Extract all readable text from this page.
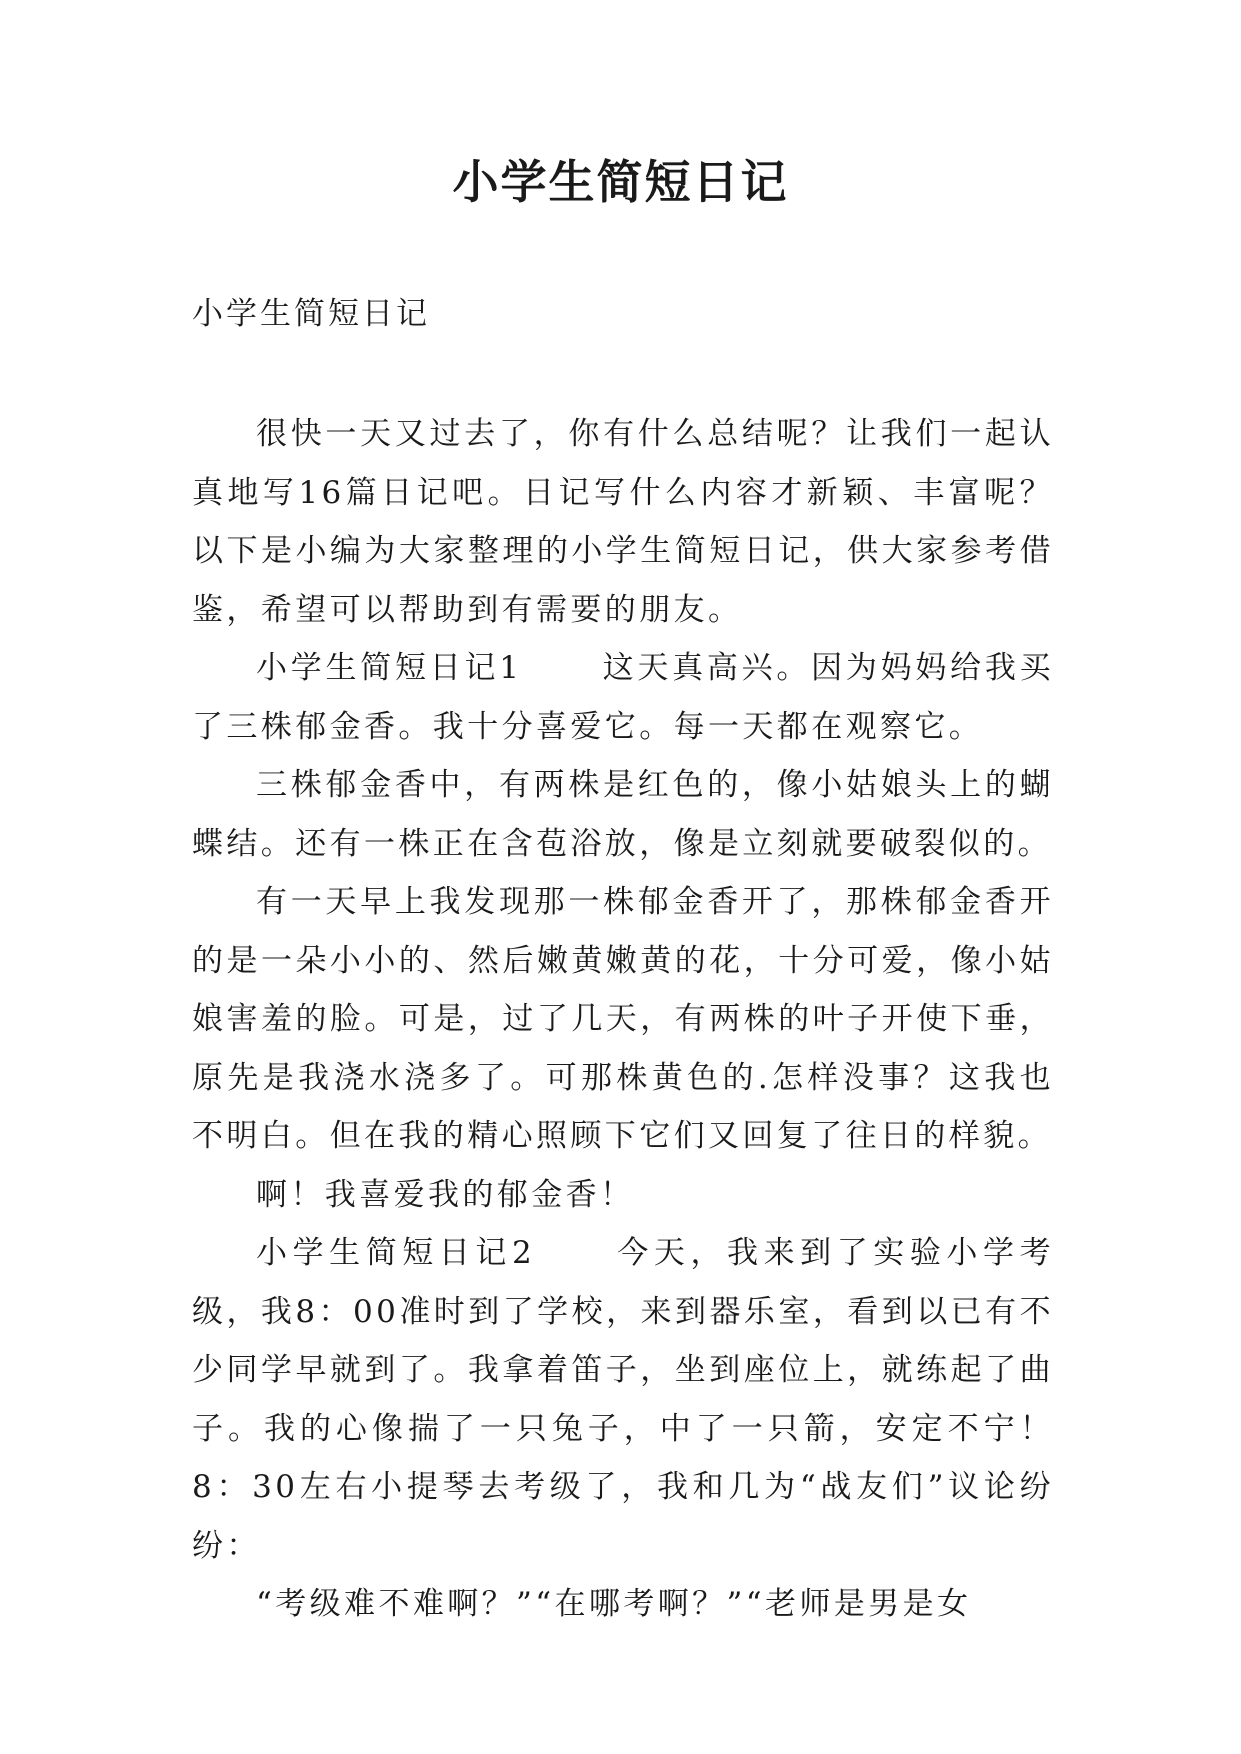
小学生简短日记
小学生简短日记

很快一天又过去了，你有什么总结呢？让我们一起认真地写16篇日记吧。日记写什么内容才新颖、丰富呢？以下是小编为大家整理的小学生简短日记，供大家参考借鉴，希望可以帮助到有需要的朋友。

小学生简短日记1	这天真高兴。因为妈妈给我买了三株郁金香。我十分喜爱它。每一天都在观察它。

三株郁金香中，有两株是红色的，像小姑娘头上的蝴蝶结。还有一株正在含苞浴放，像是立刻就要破裂似的。

有一天早上我发现那一株郁金香开了，那株郁金香开的是一朵小小的、然后嫩黄嫩黄的花，十分可爱，像小姑娘害羞的脸。可是，过了几天，有两株的叶子开使下垂，原先是我浇水浇多了。可那株黄色的.怎样没事？这我也不明白。但在我的精心照顾下它们又回复了往日的样貌。

啊！我喜爱我的郁金香！

小学生简短日记2	今天，我来到了实验小学考级，我8：00准时到了学校，来到器乐室，看到以已有不少同学早就到了。我拿着笛子，坐到座位上，就练起了曲子。我的心像揣了一只兔子，中了一只箭，安定不宁！8：30左右小提琴去考级了，我和几为“战友们”议论纷纷：

“考级难不难啊？”“在哪考啊？”“老师是男是女
